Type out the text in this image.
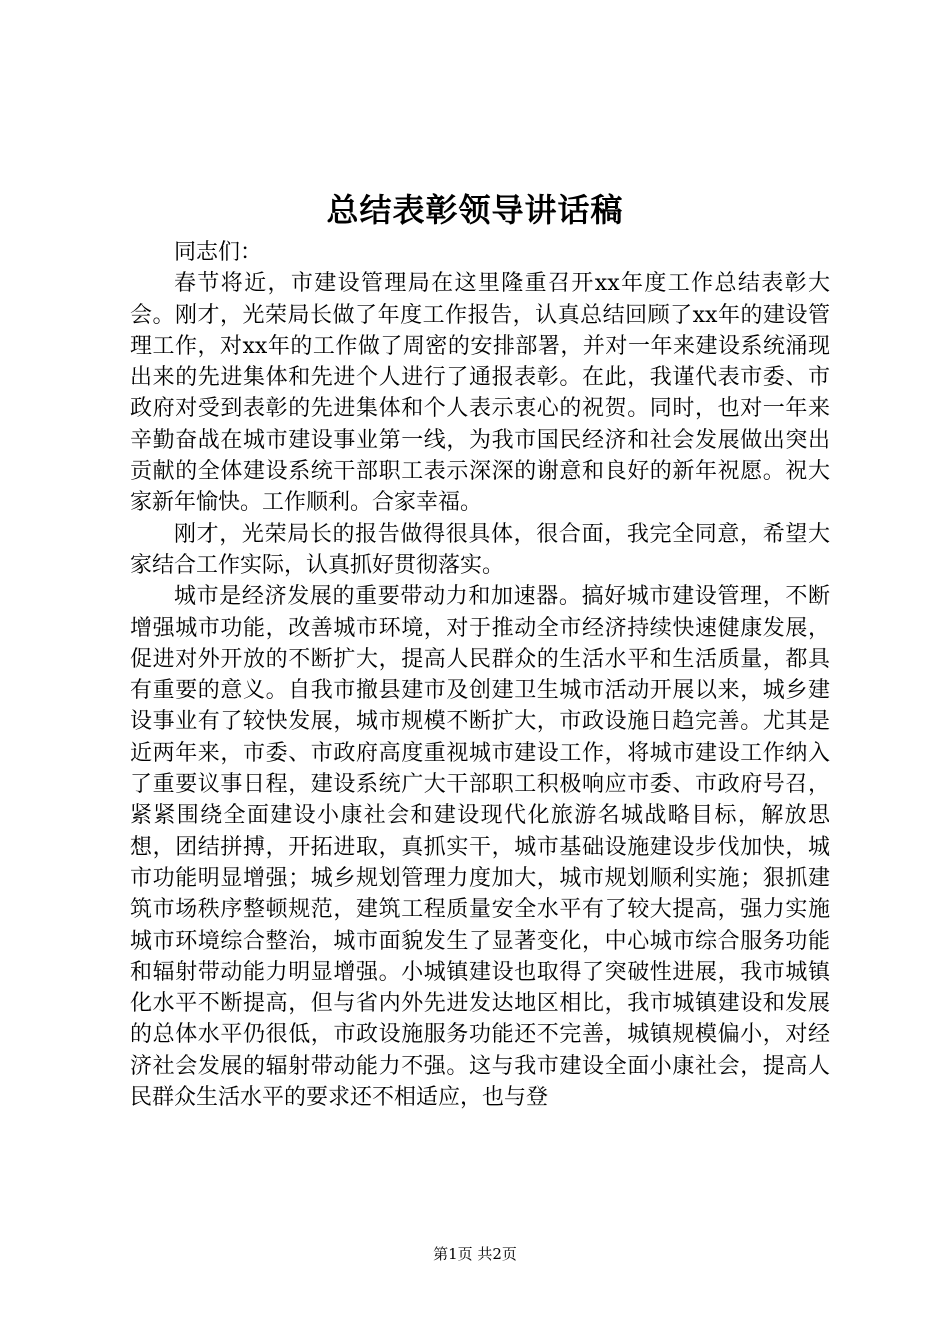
总结表彰领导讲话稿

同志们：

春节将近，市建设管理局在这里隆重召开xx年度工作总结表彰大会。刚才，光荣局长做了年度工作报告，认真总结回顾了xx年的建设管理工作，对xx年的工作做了周密的安排部署，并对一年来建设系统涌现出来的先进集体和先进个人进行了通报表彰。在此，我谨代表市委、市政府对受到表彰的先进集体和个人表示衷心的祝贺。同时，也对一年来辛勤奋战在城市建设事业第一线，为我市国民经济和社会发展做出突出贡献的全体建设系统干部职工表示深深的谢意和良好的新年祝愿。祝大家新年愉快。工作顺利。合家幸福。

刚才，光荣局长的报告做得很具体，很合面，我完全同意，希望大家结合工作实际，认真抓好贯彻落实。

城市是经济发展的重要带动力和加速器。搞好城市建设管理，不断增强城市功能，改善城市环境，对于推动全市经济持续快速健康发展，促进对外开放的不断扩大，提高人民群众的生活水平和生活质量，都具有重要的意义。自我市撤县建市及创建卫生城市活动开展以来，城乡建设事业有了较快发展，城市规模不断扩大，市政设施日趋完善。尤其是近两年来，市委、市政府高度重视城市建设工作，将城市建设工作纳入了重要议事日程，建设系统广大干部职工积极响应市委、市政府号召，紧紧围绕全面建设小康社会和建设现代化旅游名城战略目标，解放思想，团结拼搏，开拓进取，真抓实干，城市基础设施建设步伐加快，城市功能明显增强；城乡规划管理力度加大，城市规划顺利实施；狠抓建筑市场秩序整顿规范，建筑工程质量安全水平有了较大提高，强力实施城市环境综合整治，城市面貌发生了显著变化，中心城市综合服务功能和辐射带动能力明显增强。小城镇建设也取得了突破性进展，我市城镇化水平不断提高，但与省内外先进发达地区相比，我市城镇建设和发展的总体水平仍很低，市政设施服务功能还不完善，城镇规模偏小，对经济社会发展的辐射带动能力不强。这与我市建设全面小康社会，提高人民群众生活水平的要求还不相适应，也与登

第1页 共2页
